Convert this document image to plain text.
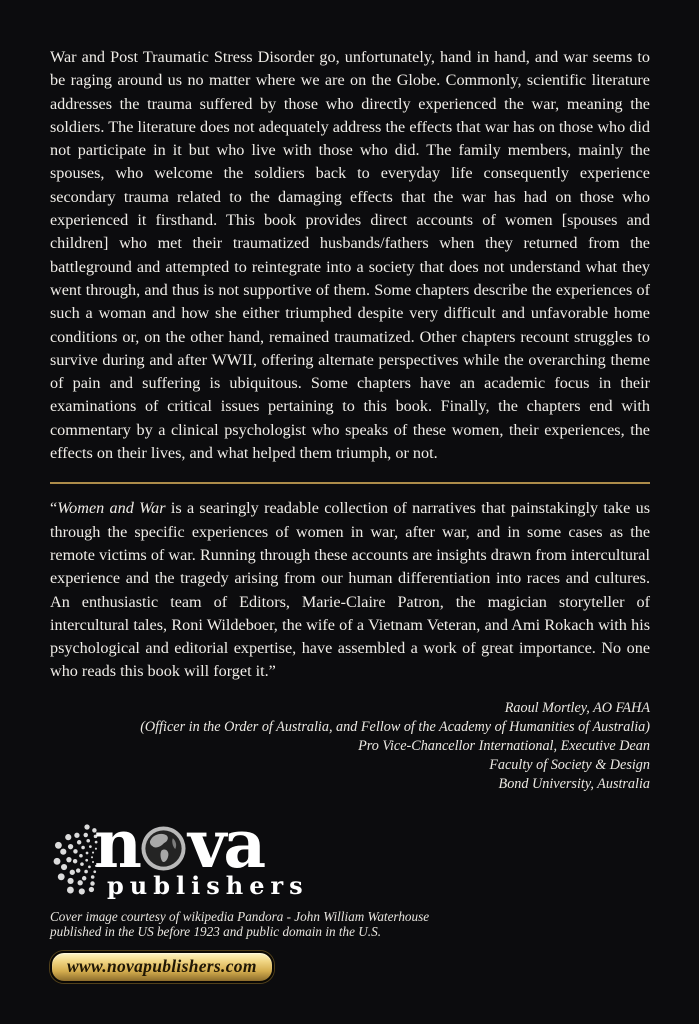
War and Post Traumatic Stress Disorder go, unfortunately, hand in hand, and war seems to be raging around us no matter where we are on the Globe. Commonly, scientific literature addresses the trauma suffered by those who directly experienced the war, meaning the soldiers. The literature does not adequately address the effects that war has on those who did not participate in it but who live with those who did. The family members, mainly the spouses, who welcome the soldiers back to everyday life consequently experience secondary trauma related to the damaging effects that the war has had on those who experienced it firsthand. This book provides direct accounts of women [spouses and children] who met their traumatized husbands/fathers when they returned from the battleground and attempted to reintegrate into a society that does not understand what they went through, and thus is not supportive of them. Some chapters describe the experiences of such a woman and how she either triumphed despite very difficult and unfavorable home conditions or, on the other hand, remained traumatized. Other chapters recount struggles to survive during and after WWII, offering alternate perspectives while the overarching theme of pain and suffering is ubiquitous. Some chapters have an academic focus in their examinations of critical issues pertaining to this book. Finally, the chapters end with commentary by a clinical psychologist who speaks of these women, their experiences, the effects on their lives, and what helped them triumph, or not.

“Women and War is a searingly readable collection of narratives that painstakingly take us through the specific experiences of women in war, after war, and in some cases as the remote victims of war. Running through these accounts are insights drawn from intercultural experience and the tragedy arising from our human differentiation into races and cultures. An enthusiastic team of Editors, Marie-Claire Patron, the magician storyteller of intercultural tales, Roni Wildeboer, the wife of a Vietnam Veteran, and Ami Rokach with his psychological and editorial expertise, have assembled a work of great importance. No one who reads this book will forget it.”

Raoul Mortley, AO FAHA
(Officer in the Order of Australia, and Fellow of the Academy of Humanities of Australia)
Pro Vice-Chancellor International, Executive Dean
Faculty of Society & Design
Bond University, Australia
n va
publishers
Cover image courtesy of wikipedia Pandora - John William Waterhouse
published in the US before 1923 and public domain in the U.S.
www.novapublishers.com
